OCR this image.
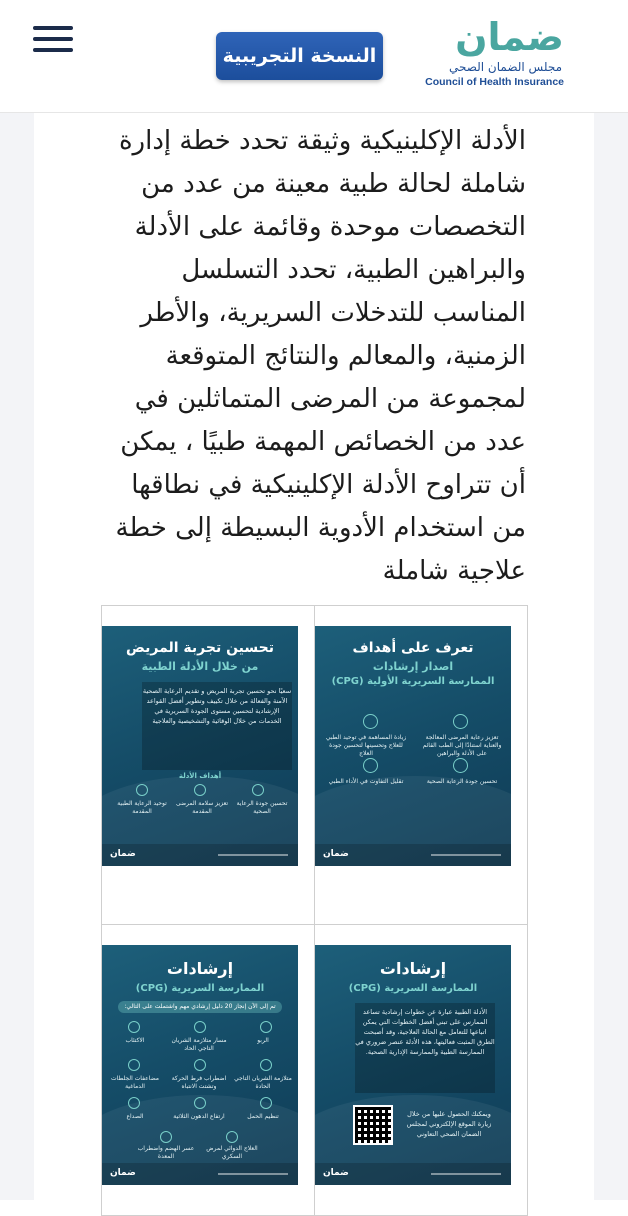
النسخة التجريبية ضمان
مجلس الضمان الصحي
Council of Health Insurance
الأدلة الإكلينيكية وثيقة تحدد خطة إدارة شاملة لحالة طبية معينة من عدد من التخصصات موحدة وقائمة على الأدلة والبراهين الطبية، تحدد التسلسل المناسب للتدخلات السريرية، والأطر الزمنية، والمعالم والنتائج المتوقعة لمجموعة من المرضى المتماثلين في عدد من الخصائص المهمة طبيًا ، يمكن أن تتراوح الأدلة الإكلينيكية في نطاقها من استخدام الأدوية البسيطة إلى خطة علاجية شاملة
تعرف على أهداف
اصدار إرشادات
الممارسة السريرية الأولية (CPG)
تعزيز رعاية المرضى المعالجة والعناية استنادًا إلى الطب القائم على الأدلة والبراهين
زيادة المساهمة في توحيد الطبي للعلاج وتحسينها لتحسين جودة العلاج
تحسين جودة الرعاية الصحية
تقليل التفاوت في الأداء الطبي
ضمان
تحسين تجربة المريض
من خلال الأدلة الطبية
سعيًا نحو تحسين تجربة المريض و تقديم الرعاية الصحية الآمنة والفعالة من خلال تكييف وتطوير أفضل القواعد الإرشادية لتحسين مستوى الجودة السريرية في الخدمات من خلال الوقائية والتشخيصية والعلاجية
أهداف الأدلة
تحسين جودة الرعاية الصحية
تعزيز سلامة المرضى المقدمة
توحيد الرعاية الطبية المقدمة
ضمان
إرشادات
الممارسة السريرية (CPG)
الأدلة الطبية عبارة عن خطوات إرشادية تساعد الممارس على تبني أفضل الخطوات التي يمكن اتباعها للتعامل مع الحالة العلاجية، وقد أصبحت الطرق المثبت فعاليتها، هذه الأدلة عنصر ضروري في الممارسة الطبية والممارسة الإدارية الصحية.
ويمكنك الحصول عليها من خلال زيارة الموقع الإلكتروني لمجلس الضمان الصحي التعاوني
ضمان
إرشادات
الممارسة السريرية (CPG)
تم إلى الآن إنجاز 20 دليل إرشادي مهم واشتملت على التالي:
الربو
مسار متلازمة الشريان التاجي الحاد
الاكتئاب
متلازمة الشريان التاجي الحادة
اضطراب فرط الحركة وتشتت الانتباه
مضاعفات الجلطات الدماغية
تنظيم الحمل
ارتفاع الدهون الثلاثية
الصداع
العلاج الدوائي لمرض السكري
عسر الهضم واضطراب المعدة
ضمان
